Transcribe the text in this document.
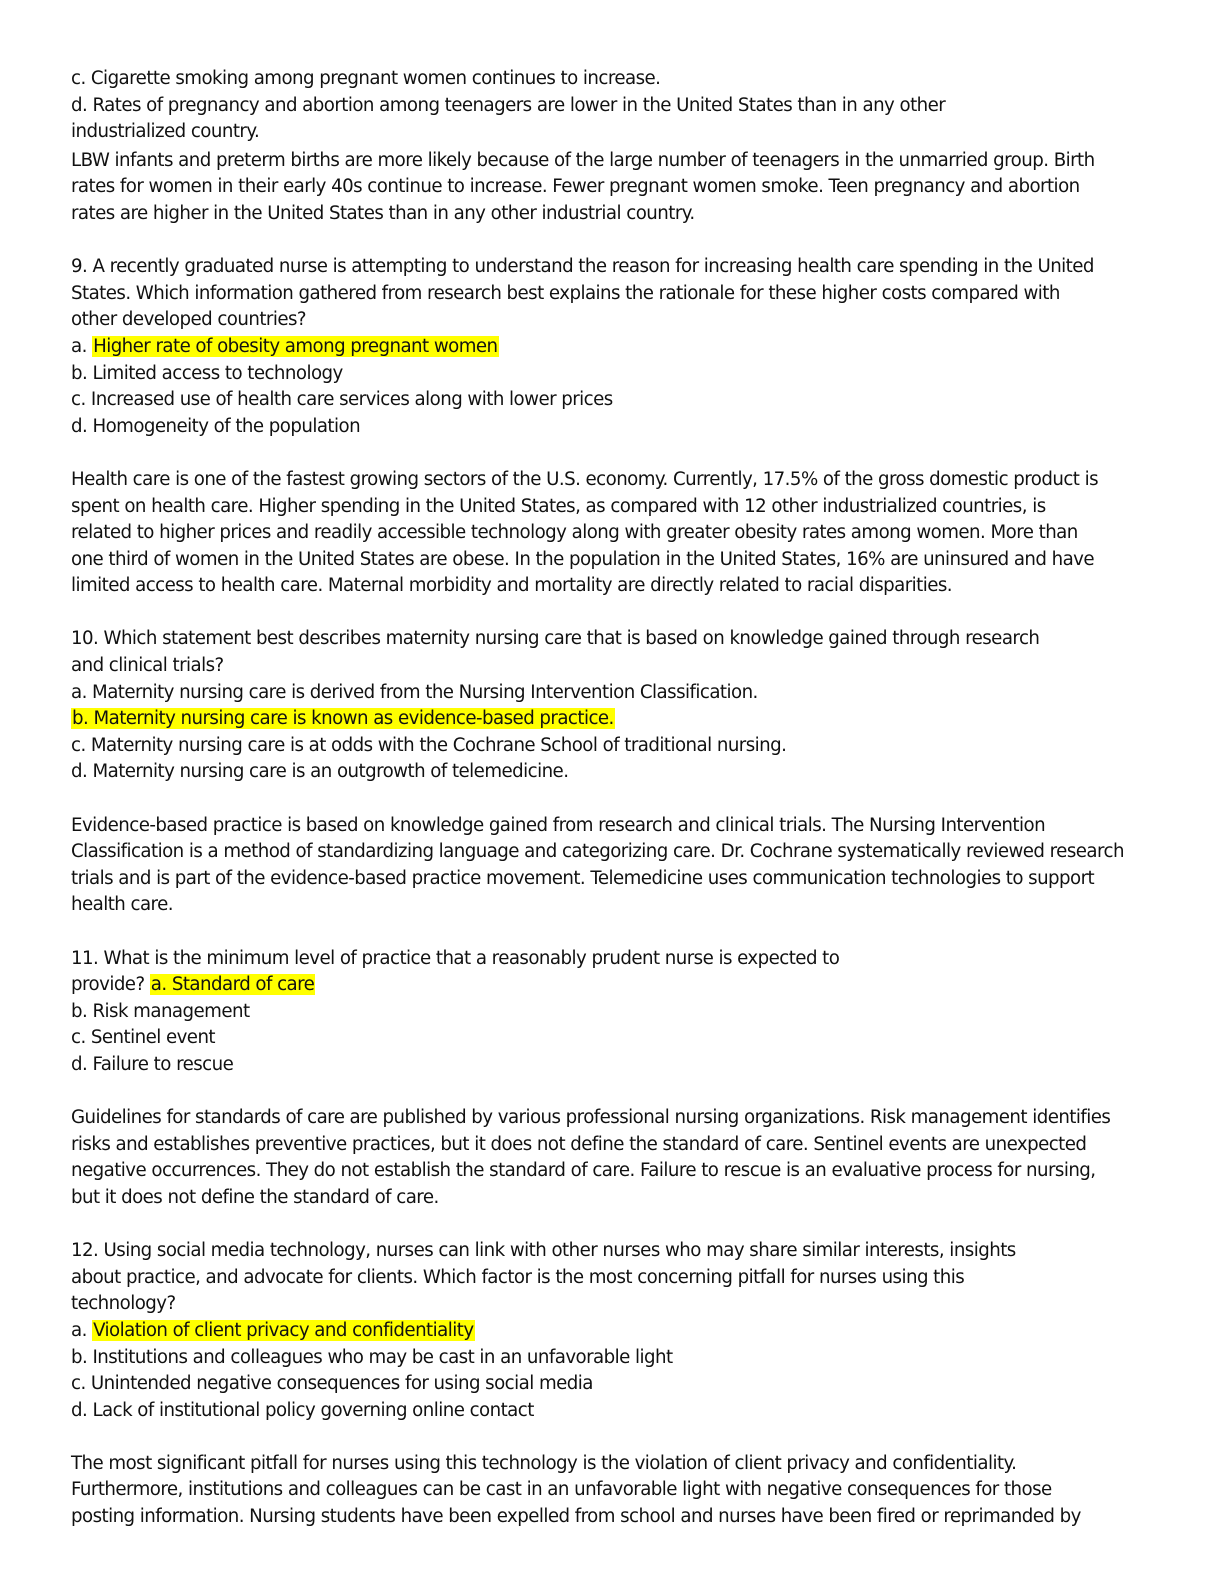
c. Cigarette smoking among pregnant women continues to increase.
d. Rates of pregnancy and abortion among teenagers are lower in the United States than in any other
industrialized country.
LBW infants and preterm births are more likely because of the large number of teenagers in the unmarried group. Birth
rates for women in their early 40s continue to increase. Fewer pregnant women smoke. Teen pregnancy and abortion
rates are higher in the United States than in any other industrial country.
9. A recently graduated nurse is attempting to understand the reason for increasing health care spending in the United
States. Which information gathered from research best explains the rationale for these higher costs compared with
other developed countries?
a. Higher rate of obesity among pregnant women
b. Limited access to technology
c. Increased use of health care services along with lower prices
d. Homogeneity of the population
Health care is one of the fastest growing sectors of the U.S. economy. Currently, 17.5% of the gross domestic product is
spent on health care. Higher spending in the United States, as compared with 12 other industrialized countries, is
related to higher prices and readily accessible technology along with greater obesity rates among women. More than
one third of women in the United States are obese. In the population in the United States, 16% are uninsured and have
limited access to health care. Maternal morbidity and mortality are directly related to racial disparities.
10. Which statement best describes maternity nursing care that is based on knowledge gained through research
and clinical trials?
a. Maternity nursing care is derived from the Nursing Intervention Classification.
b. Maternity nursing care is known as evidence-based practice.
c. Maternity nursing care is at odds with the Cochrane School of traditional nursing.
d. Maternity nursing care is an outgrowth of telemedicine.
Evidence-based practice is based on knowledge gained from research and clinical trials. The Nursing Intervention
Classification is a method of standardizing language and categorizing care. Dr. Cochrane systematically reviewed research
trials and is part of the evidence-based practice movement. Telemedicine uses communication technologies to support
health care.
11. What is the minimum level of practice that a reasonably prudent nurse is expected to
provide? a. Standard of care
b. Risk management
c. Sentinel event
d. Failure to rescue
Guidelines for standards of care are published by various professional nursing organizations. Risk management identifies
risks and establishes preventive practices, but it does not define the standard of care. Sentinel events are unexpected
negative occurrences. They do not establish the standard of care. Failure to rescue is an evaluative process for nursing,
but it does not define the standard of care.
12. Using social media technology, nurses can link with other nurses who may share similar interests, insights
about practice, and advocate for clients. Which factor is the most concerning pitfall for nurses using this
technology?
a. Violation of client privacy and confidentiality
b. Institutions and colleagues who may be cast in an unfavorable light
c. Unintended negative consequences for using social media
d. Lack of institutional policy governing online contact
The most significant pitfall for nurses using this technology is the violation of client privacy and confidentiality.
Furthermore, institutions and colleagues can be cast in an unfavorable light with negative consequences for those
posting information. Nursing students have been expelled from school and nurses have been fired or reprimanded by
